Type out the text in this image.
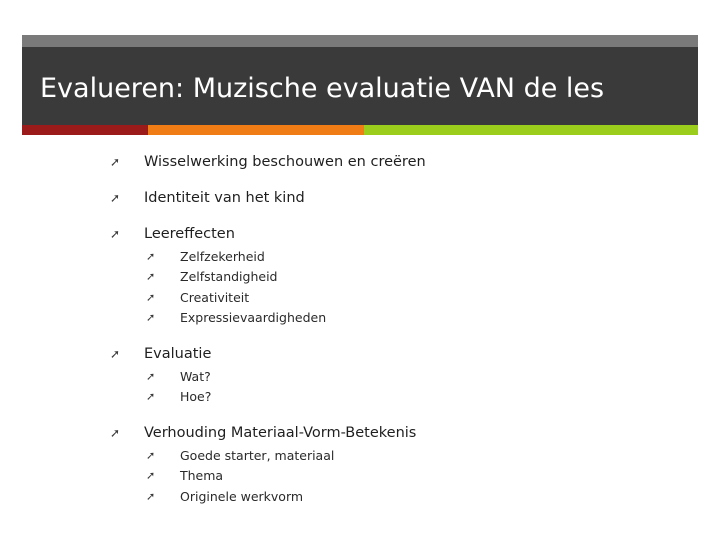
Evalueren: Muzische evaluatie VAN de les
➚	Wisselwerking beschouwen en creëren
➚	Identiteit van het kind
➚	Leereffecten
➚	Zelfzekerheid
➚	Zelfstandigheid
➚	Creativiteit
➚	Expressievaardigheden
➚	Evaluatie
➚	Wat?
➚	Hoe?
➚	Verhouding Materiaal-Vorm-Betekenis
➚	Goede starter, materiaal
➚	Thema
➚	Originele werkvorm
